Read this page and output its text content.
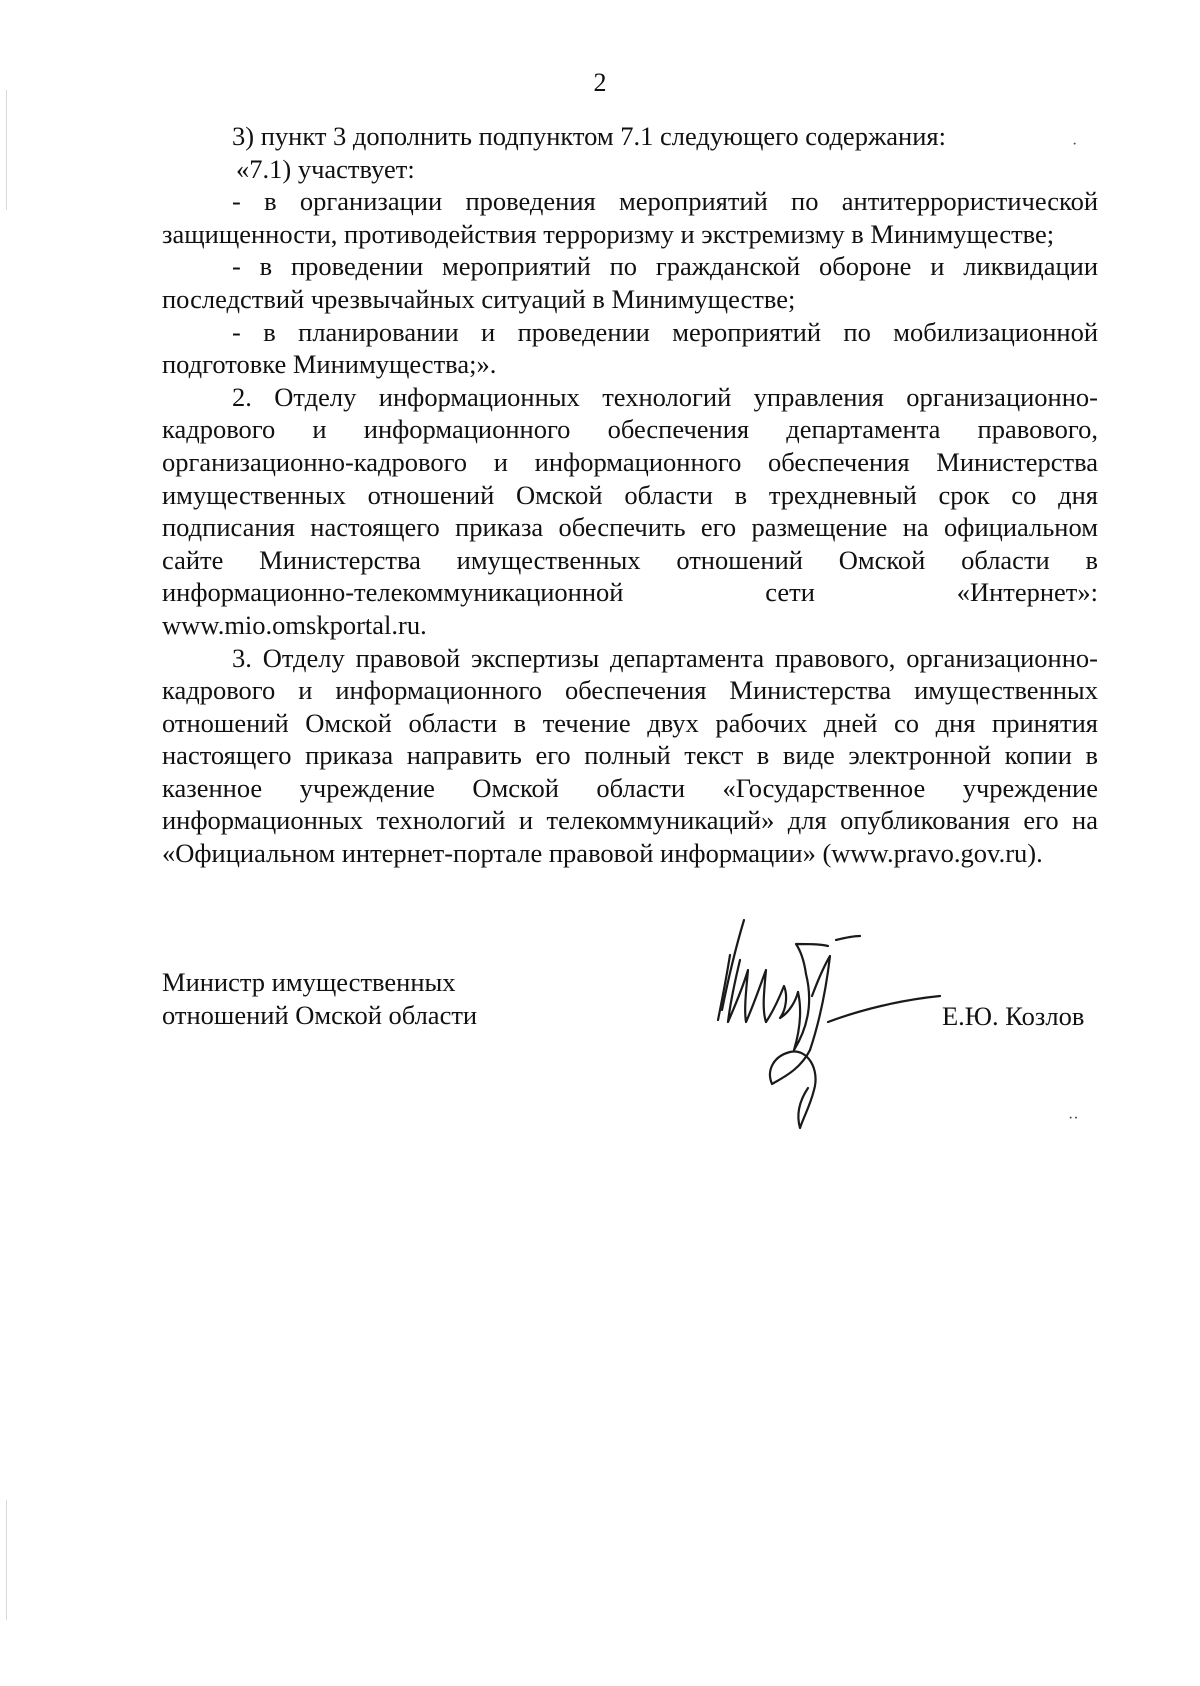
2

3) пункт 3 дополнить подпунктом 7.1 следующего содержания:

«7.1) участвует:

- в организации проведения мероприятий по антитеррористической защищенности, противодействия терроризму и экстремизму в Минимуществе;

- в проведении мероприятий по гражданской обороне и ликвидации последствий чрезвычайных ситуаций в Минимуществе;

- в планировании и проведении мероприятий по мобилизационной подготовке Минимущества;».

2. Отделу информационных технологий управления организационно-кадрового и информационного обеспечения департамента правового, организационно-кадрового и информационного обеспечения Министерства имущественных отношений Омской области в трехдневный срок со дня подписания настоящего приказа обеспечить его размещение на официальном сайте Министерства имущественных отношений Омской области в информационно-телекоммуникационной сети «Интернет»: www.mio.omskportal.ru.

3. Отделу правовой экспертизы департамента правового, организационно-кадрового и информационного обеспечения Министерства имущественных отношений Омской области в течение двух рабочих дней со дня принятия настоящего приказа направить его полный текст в виде электронной копии в казенное учреждение Омской области «Государственное учреждение информационных технологий и телекоммуникаций» для опубликования его на «Официальном интернет-портале правовой информации» (www.pravo.gov.ru).

Министр имущественных
отношений Омской области	Е.Ю. Козлов
·
··
